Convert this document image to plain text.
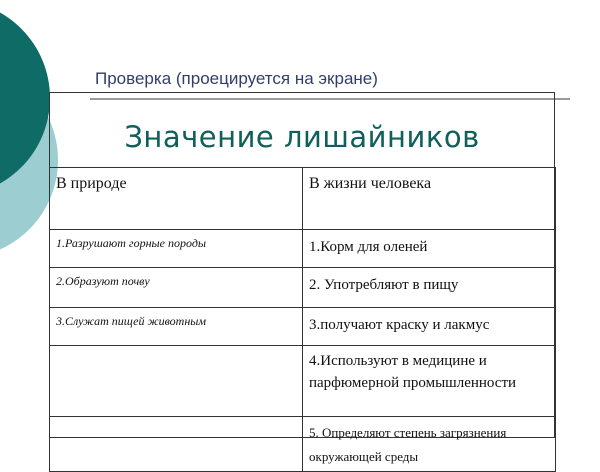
Проверка (проецируется на экране)
Значение лишайников
В природе	В жизни человека
1.Разрушают горные породы	1.Корм для оленей
2.Образуют почву	2. Употребляют в пищу
3.Служат пищей животным	3.получают краску и лакмус
	4.Используют в медицине и парфюмерной промышленности
	5. Определяют степень загрязнения окружающей среды
